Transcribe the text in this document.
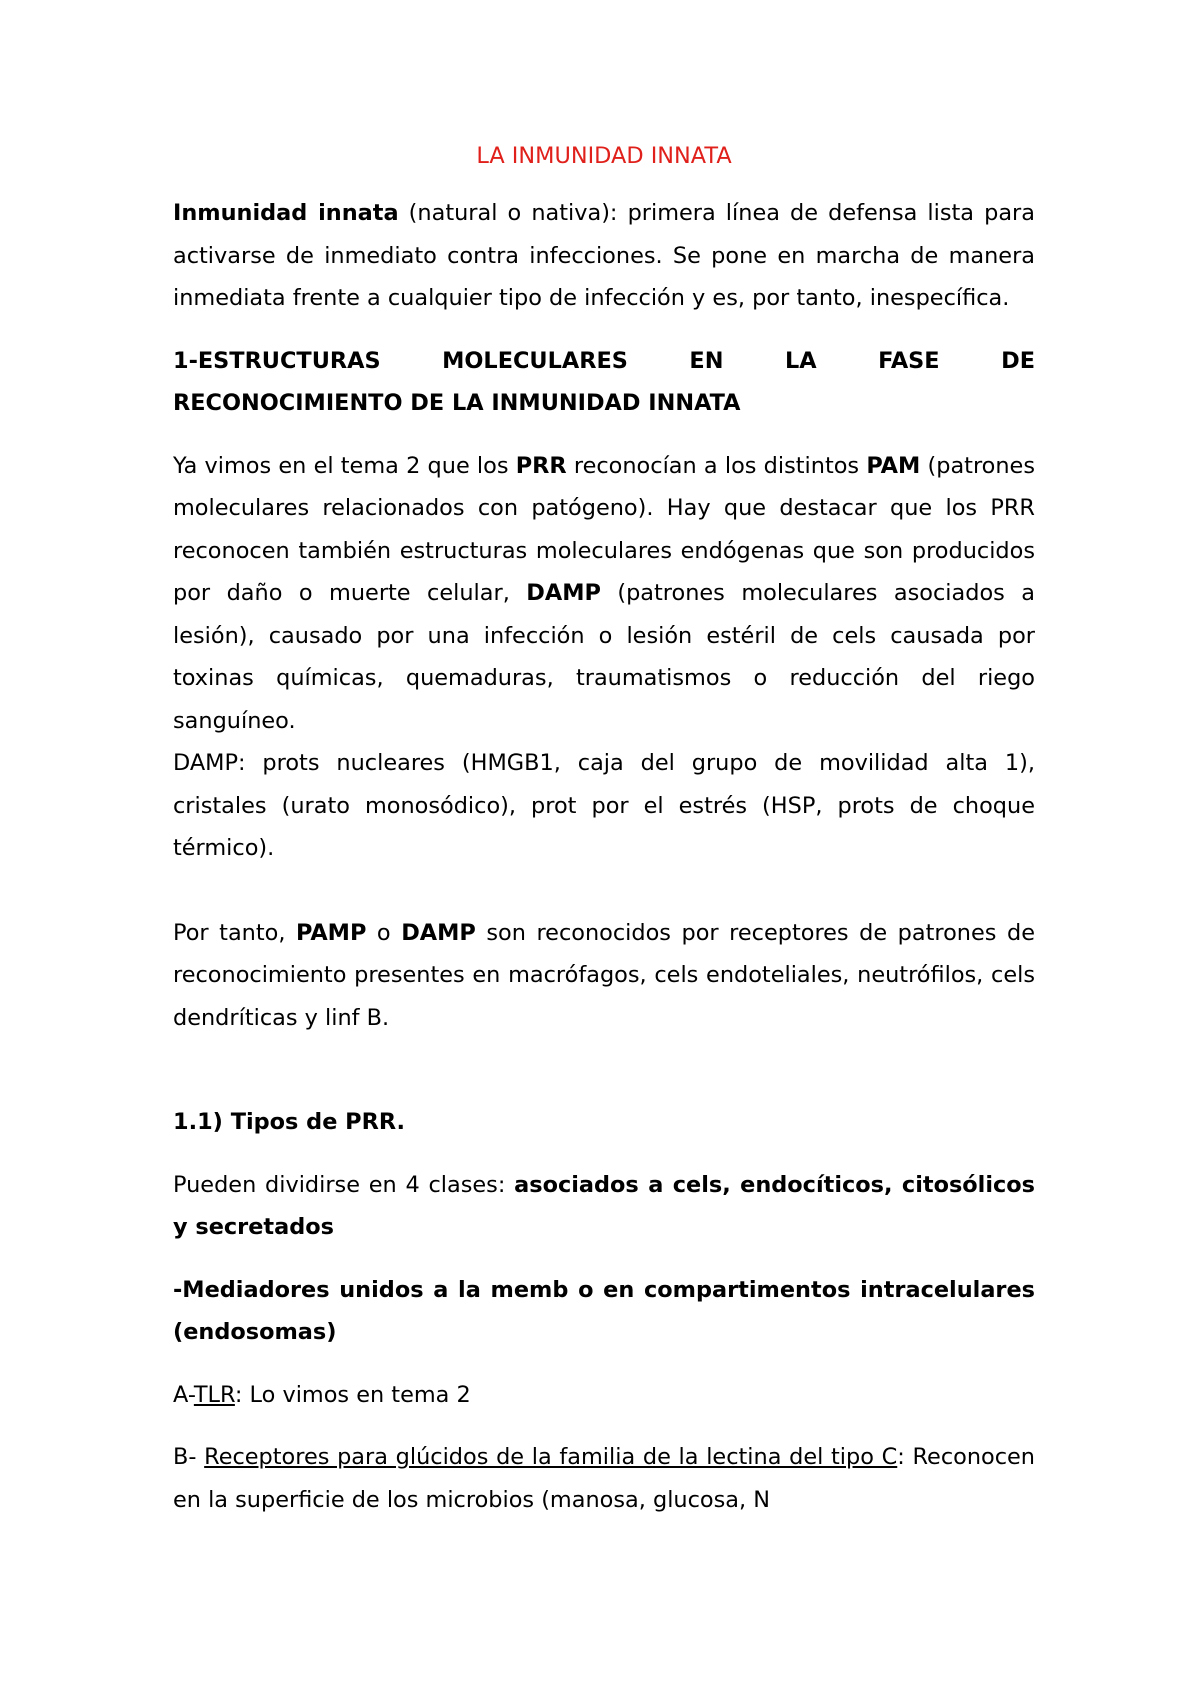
LA INMUNIDAD INNATA

Inmunidad innata (natural o nativa): primera línea de defensa lista para activarse de inmediato contra infecciones. Se pone en marcha de manera inmediata frente a cualquier tipo de infección y es, por tanto, inespecífica.

1-ESTRUCTURAS MOLECULARES EN LA FASE DE
RECONOCIMIENTO DE LA INMUNIDAD INNATA

Ya vimos en el tema 2 que los PRR reconocían a los distintos PAM (patrones moleculares relacionados con patógeno). Hay que destacar que los PRR reconocen también estructuras moleculares endógenas que son producidos por daño o muerte celular, DAMP (patrones moleculares asociados a lesión), causado por una infección o lesión estéril de cels causada por toxinas químicas, quemaduras, traumatismos o reducción del riego sanguíneo.

DAMP: prots nucleares (HMGB1, caja del grupo de movilidad alta 1), cristales (urato monosódico), prot por el estrés (HSP, prots de choque térmico).

Por tanto, PAMP o DAMP son reconocidos por receptores de patrones de reconocimiento presentes en macrófagos, cels endoteliales, neutrófilos, cels dendríticas y linf B.

1.1) Tipos de PRR.

Pueden dividirse en 4 clases: asociados a cels, endocíticos, citosólicos y secretados

-Mediadores unidos a la memb o en compartimentos intracelulares (endosomas)

A-TLR: Lo vimos en tema 2

B- Receptores para glúcidos de la familia de la lectina del tipo C: Reconocen en la superficie de los microbios (manosa, glucosa, N
